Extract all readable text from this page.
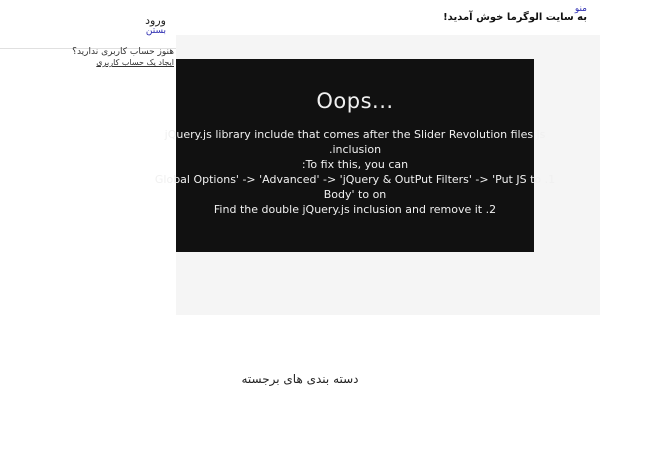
منو
به سایت الوگرما خوش آمدید!
ورود
بستن
هنوز حساب کاربری ندارید؟
ایجاد یک حساب کاربری
Oops...

jQuery.js library include that comes after the Slider Revolution files js

.inclusion

:To fix this, you can

Global Options' -> 'Advanced' -> 'jQuery & OutPut Filters' -> 'Put JS to .1

Body' to on

Find the double jQuery.js inclusion and remove it .2

دسته بندی های برجسته
